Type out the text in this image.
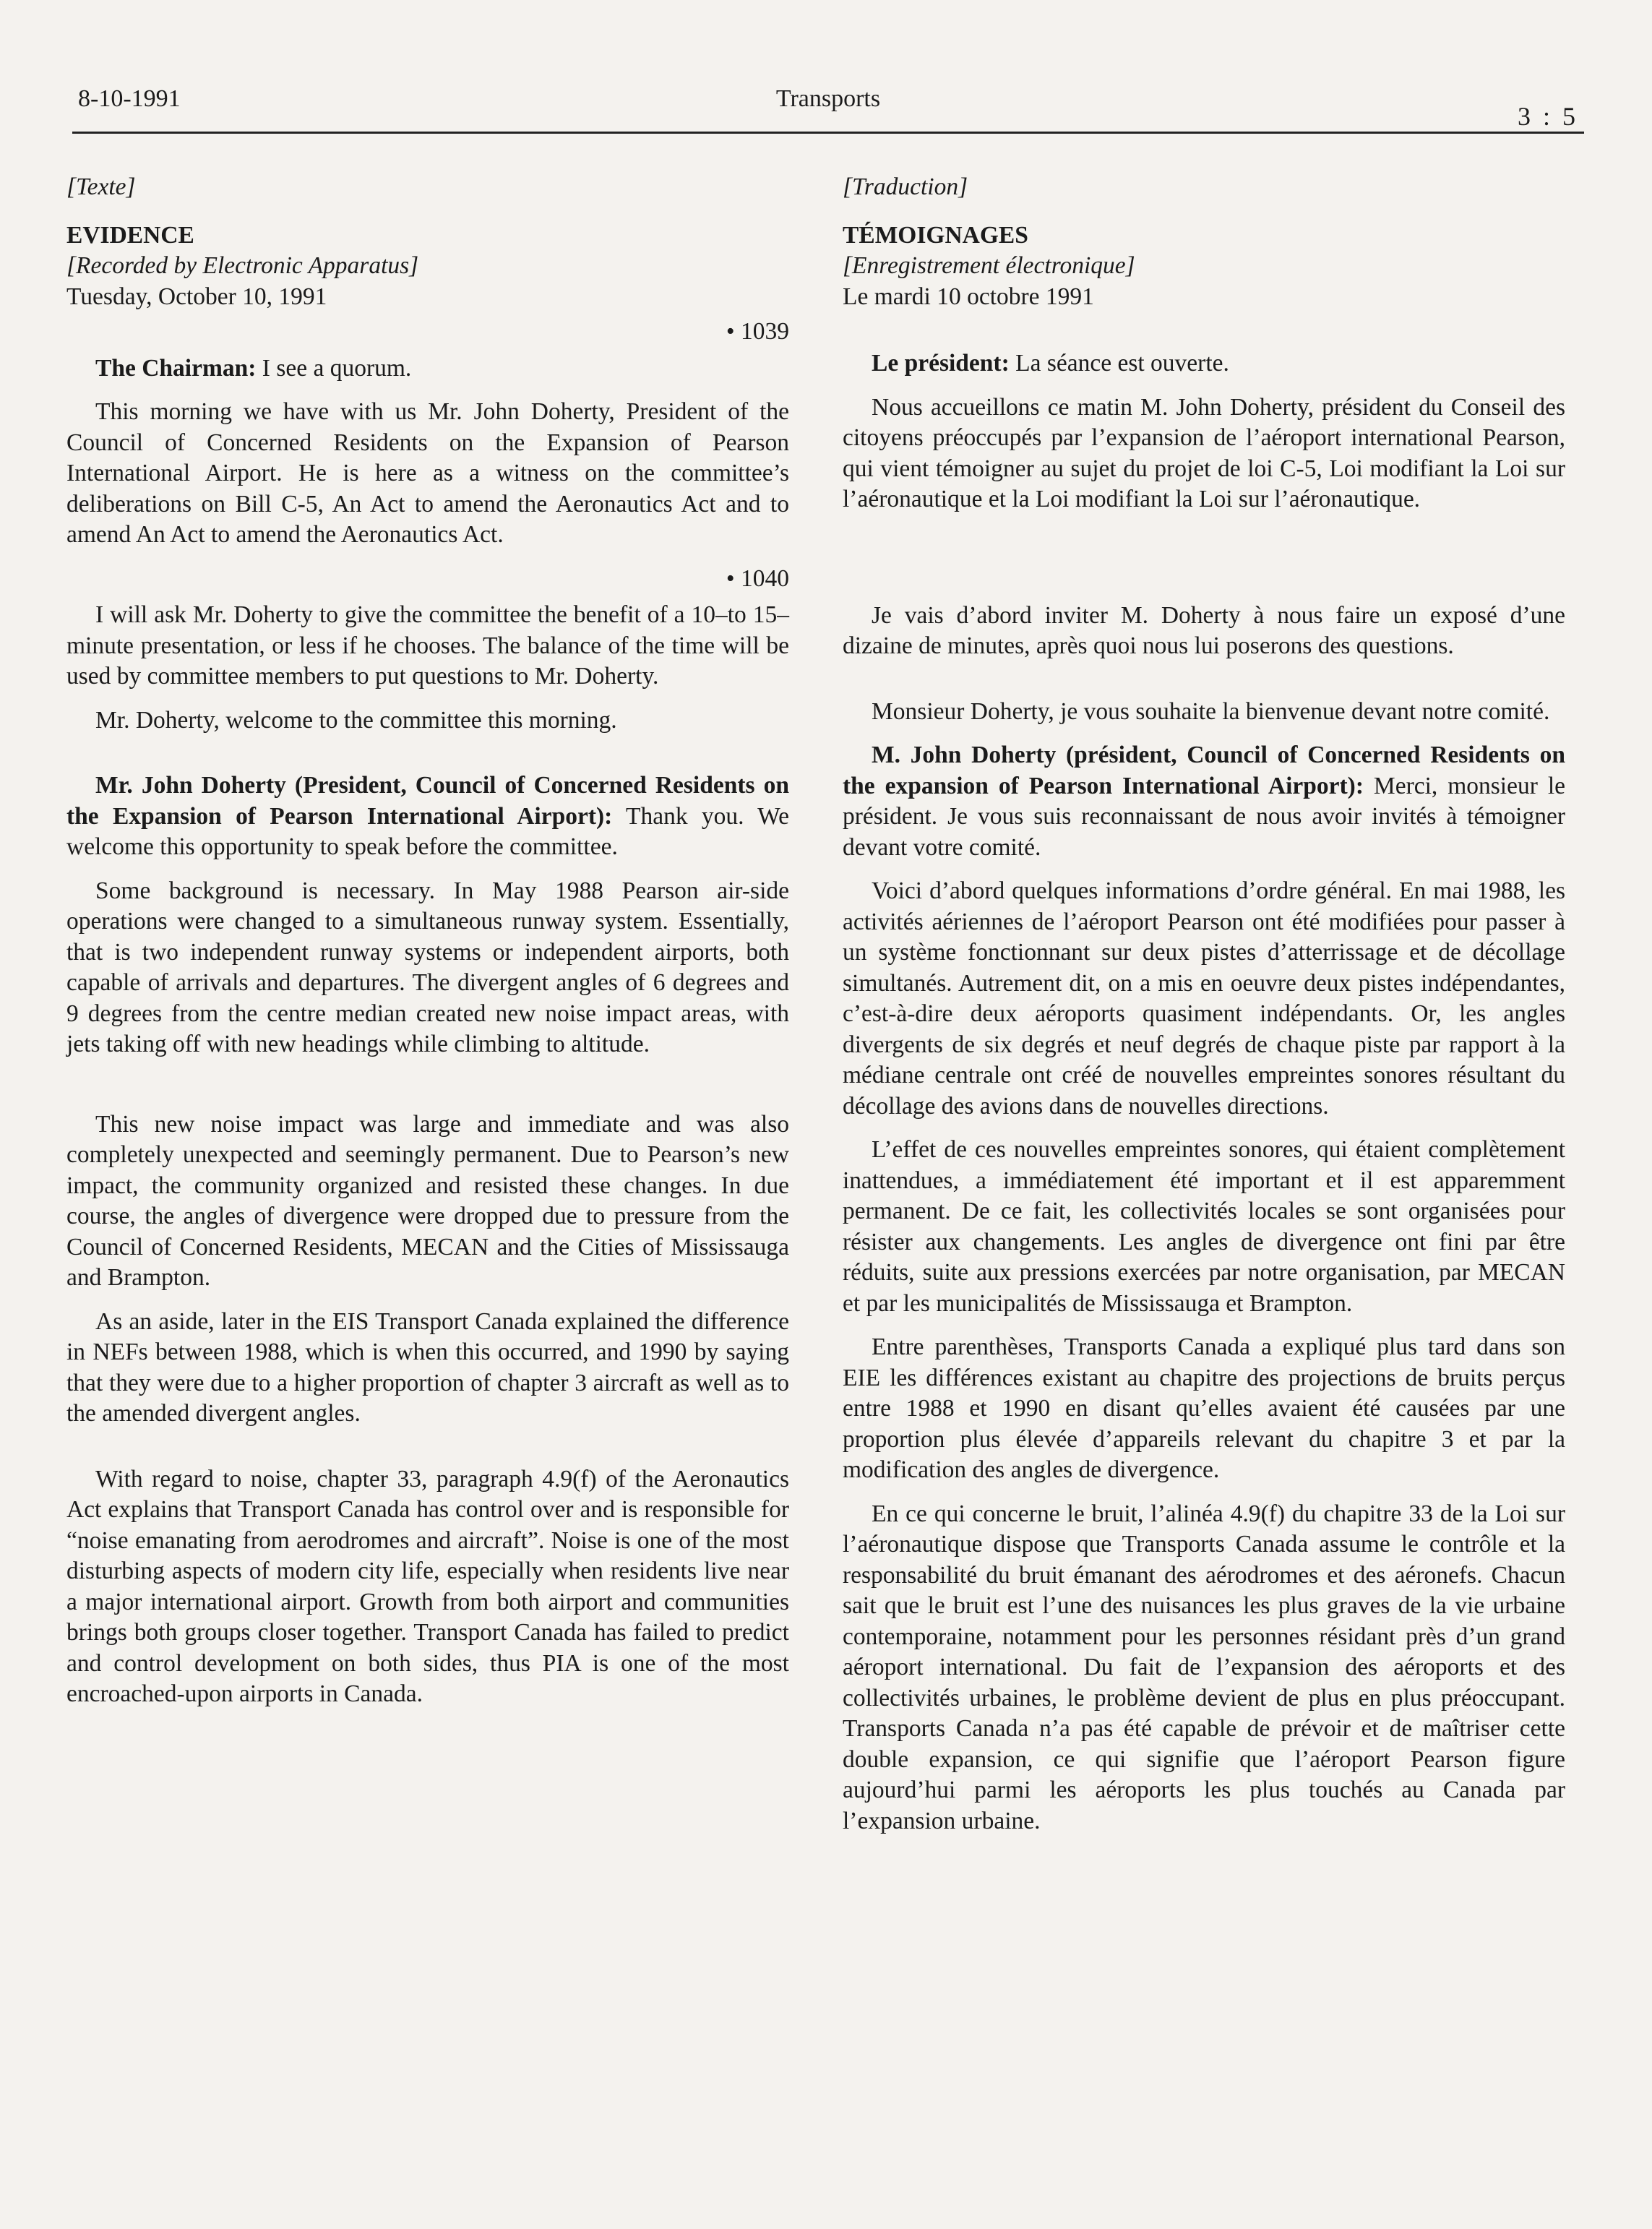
8-10-1991	Transports
3 : 5
[Texte]
EVIDENCE
[Recorded by Electronic Apparatus]
Tuesday, October 10, 1991
• 1039

The Chairman: I see a quorum.

This morning we have with us Mr. John Doherty, President of the Council of Concerned Residents on the Expansion of Pearson International Airport. He is here as a witness on the committee’s deliberations on Bill C-5, An Act to amend the Aeronautics Act and to amend An Act to amend the Aeronautics Act.

• 1040

I will ask Mr. Doherty to give the committee the benefit of a 10–to 15–minute presentation, or less if he chooses. The balance of the time will be used by committee members to put questions to Mr. Doherty.

Mr. Doherty, welcome to the committee this morning.

Mr. John Doherty (President, Council of Concerned Residents on the Expansion of Pearson International Airport): Thank you. We welcome this opportunity to speak before the committee.

Some background is necessary. In May 1988 Pearson air-side operations were changed to a simultaneous runway system. Essentially, that is two independent runway systems or independent airports, both capable of arrivals and departures. The divergent angles of 6 degrees and 9 degrees from the centre median created new noise impact areas, with jets taking off with new headings while climbing to altitude.

This new noise impact was large and immediate and was also completely unexpected and seemingly permanent. Due to Pearson’s new impact, the community organized and resisted these changes. In due course, the angles of divergence were dropped due to pressure from the Council of Concerned Residents, MECAN and the Cities of Mississauga and Brampton.

As an aside, later in the EIS Transport Canada explained the difference in NEFs between 1988, which is when this occurred, and 1990 by saying that they were due to a higher proportion of chapter 3 aircraft as well as to the amended divergent angles.

With regard to noise, chapter 33, paragraph 4.9(f) of the Aeronautics Act explains that Transport Canada has control over and is responsible for “noise emanating from aerodromes and aircraft”. Noise is one of the most disturbing aspects of modern city life, especially when residents live near a major international airport. Growth from both airport and communities brings both groups closer together. Transport Canada has failed to predict and control development on both sides, thus PIA is one of the most encroached-upon airports in Canada.

[Traduction]
TÉMOIGNAGES
[Enregistrement électronique]
Le mardi 10 octobre 1991

Le président: La séance est ouverte.

Nous accueillons ce matin M. John Doherty, président du Conseil des citoyens préoccupés par l’expansion de l’aéroport international Pearson, qui vient témoigner au sujet du projet de loi C-5, Loi modifiant la Loi sur l’aéronautique et la Loi modifiant la Loi sur l’aéronautique.

Je vais d’abord inviter M. Doherty à nous faire un exposé d’une dizaine de minutes, après quoi nous lui poserons des questions.

Monsieur Doherty, je vous souhaite la bienvenue devant notre comité.

M. John Doherty (président, Council of Concerned Residents on the expansion of Pearson International Airport): Merci, monsieur le président. Je vous suis reconnaissant de nous avoir invités à témoigner devant votre comité.

Voici d’abord quelques informations d’ordre général. En mai 1988, les activités aériennes de l’aéroport Pearson ont été modifiées pour passer à un système fonctionnant sur deux pistes d’atterrissage et de décollage simultanés. Autrement dit, on a mis en oeuvre deux pistes indépendantes, c’est-à-dire deux aéroports quasiment indépendants. Or, les angles divergents de six degrés et neuf degrés de chaque piste par rapport à la médiane centrale ont créé de nouvelles empreintes sonores résultant du décollage des avions dans de nouvelles directions.

L’effet de ces nouvelles empreintes sonores, qui étaient complètement inattendues, a immédiatement été important et il est apparemment permanent. De ce fait, les collectivités locales se sont organisées pour résister aux changements. Les angles de divergence ont fini par être réduits, suite aux pressions exercées par notre organisation, par MECAN et par les municipalités de Mississauga et Brampton.

Entre parenthèses, Transports Canada a expliqué plus tard dans son EIE les différences existant au chapitre des projections de bruits perçus entre 1988 et 1990 en disant qu’elles avaient été causées par une proportion plus élevée d’appareils relevant du chapitre 3 et par la modification des angles de divergence.

En ce qui concerne le bruit, l’alinéa 4.9(f) du chapitre 33 de la Loi sur l’aéronautique dispose que Transports Canada assume le contrôle et la responsabilité du bruit émanant des aérodromes et des aéronefs. Chacun sait que le bruit est l’une des nuisances les plus graves de la vie urbaine contemporaine, notamment pour les personnes résidant près d’un grand aéroport international. Du fait de l’expansion des aéroports et des collectivités urbaines, le problème devient de plus en plus préoccupant. Transports Canada n’a pas été capable de prévoir et de maîtriser cette double expansion, ce qui signifie que l’aéroport Pearson figure aujourd’hui parmi les aéroports les plus touchés au Canada par l’expansion urbaine.
